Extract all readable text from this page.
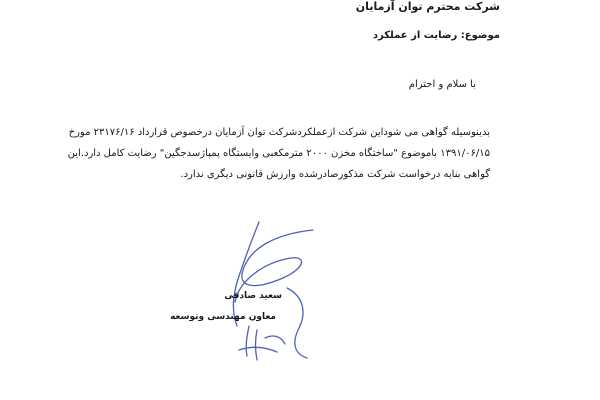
شرکت محترم توان آزمایان
موضوع: رضایت از عملکرد
با سلام و احترام
بدینوسیله گواهی می شوداین شرکت ازعملکردشرکت توان آزمایان درخصوص قرارداد ۲۳۱۷۶/۱۶ مورخ
۱۳۹۱/۰۶/۱۵ باموضوع "ساختگاه مخزن ۲۰۰۰ مترمکعبی وایستگاه پمپاژسدجگین" رضایت کامل دارد.این
گواهی بنابه درخواست شرکت مذکورصادرشده وارزش قانونی دیگری ندارد.
سعید صادقی
معاون مهندسی وتوسعه
